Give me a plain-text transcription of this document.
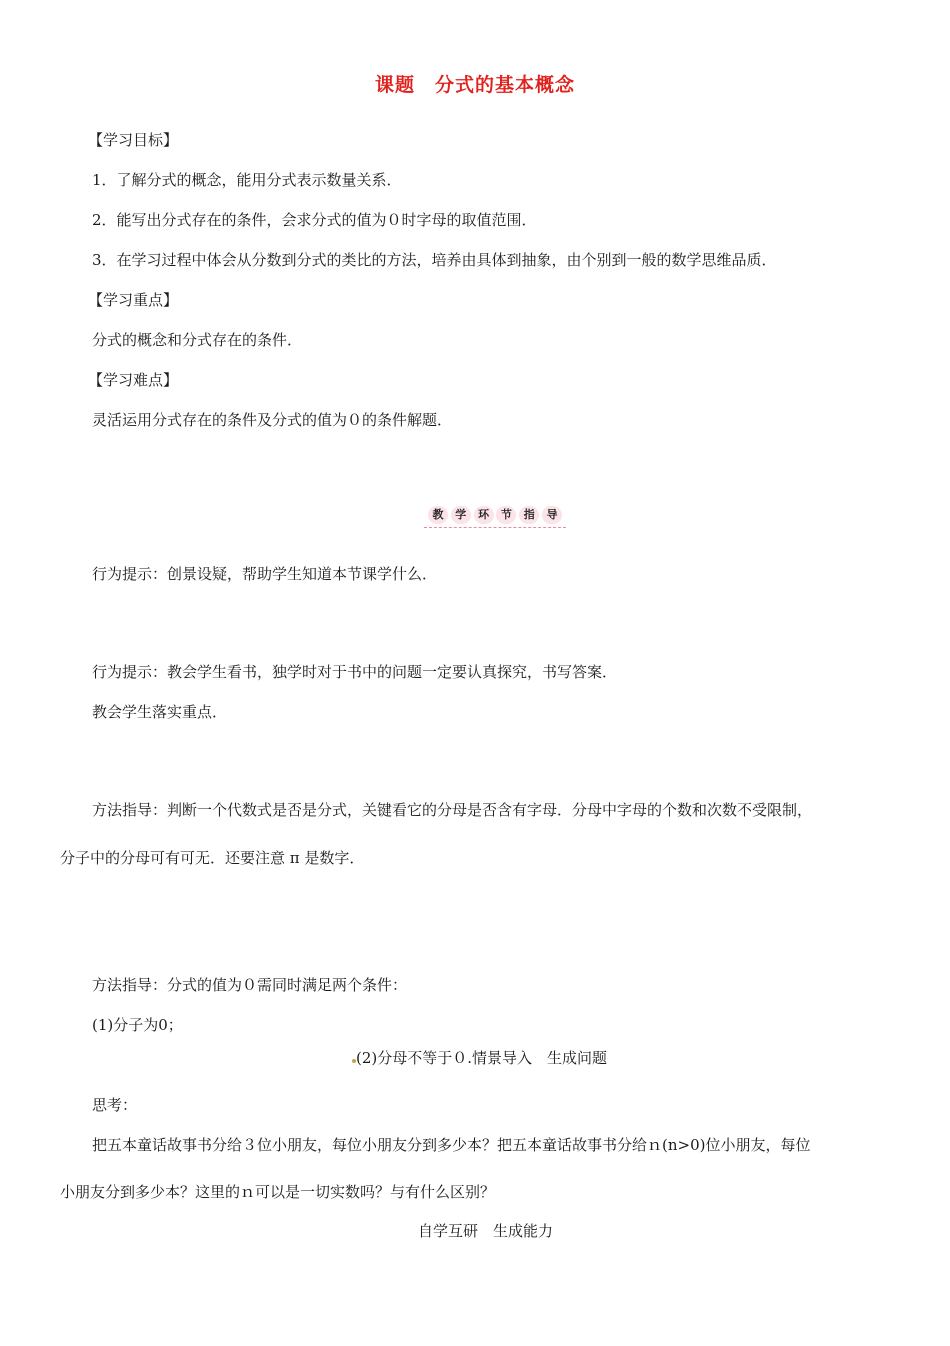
课题　分式的基本概念
【学习目标】
1．了解分式的概念，能用分式表示数量关系．
2．能写出分式存在的条件，会求分式的值为０时字母的取值范围．
3．在学习过程中体会从分数到分式的类比的方法，培养由具体到抽象，由个别到一般的数学思维品质．
【学习重点】
分式的概念和分式存在的条件．
【学习难点】
灵活运用分式存在的条件及分式的值为０的条件解题．
教	学	环	节	指	导
行为提示：创景设疑，帮助学生知道本节课学什么．
行为提示：教会学生看书，独学时对于书中的问题一定要认真探究，书写答案．
教会学生落实重点．
方法指导：判断一个代数式是否是分式，关键看它的分母是否含有字母．分母中字母的个数和次数不受限制，
分子中的分母可有可无．还要注意 π 是数字．
方法指导：分式的值为０需同时满足两个条件：
(1)分子为0；
(2)分母不等于０.情景导入　生成问题
思考：
把五本童话故事书分给３位小朋友，每位小朋友分到多少本？把五本童话故事书分给ｎ(n>0)位小朋友，每位
小朋友分到多少本？这里的ｎ可以是一切实数吗？与有什么区别？
自学互研　生成能力
